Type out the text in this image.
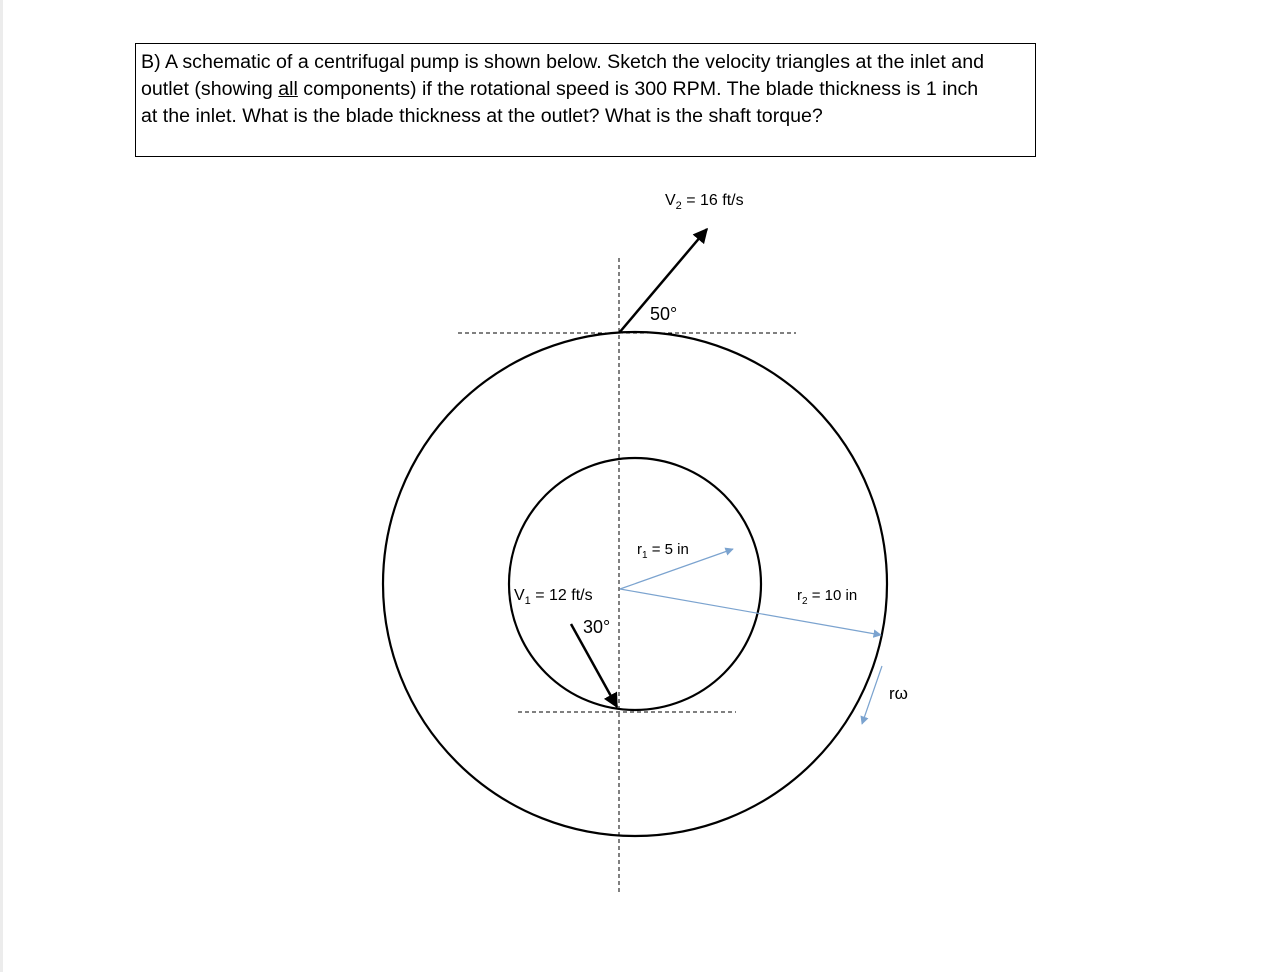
B) A schematic of a centrifugal pump is shown below. Sketch the velocity triangles at the inlet and
outlet (showing all components) if the rotational speed is 300 RPM. The blade thickness is 1 inch
at the inlet. What is the blade thickness at the outlet? What is the shaft torque?
$V_2 = 16$ ft/s
50°
$V_1 = 12$ ft/s
30°
$r_1 = 5$ in
$r_2 = 10$ in
rω
